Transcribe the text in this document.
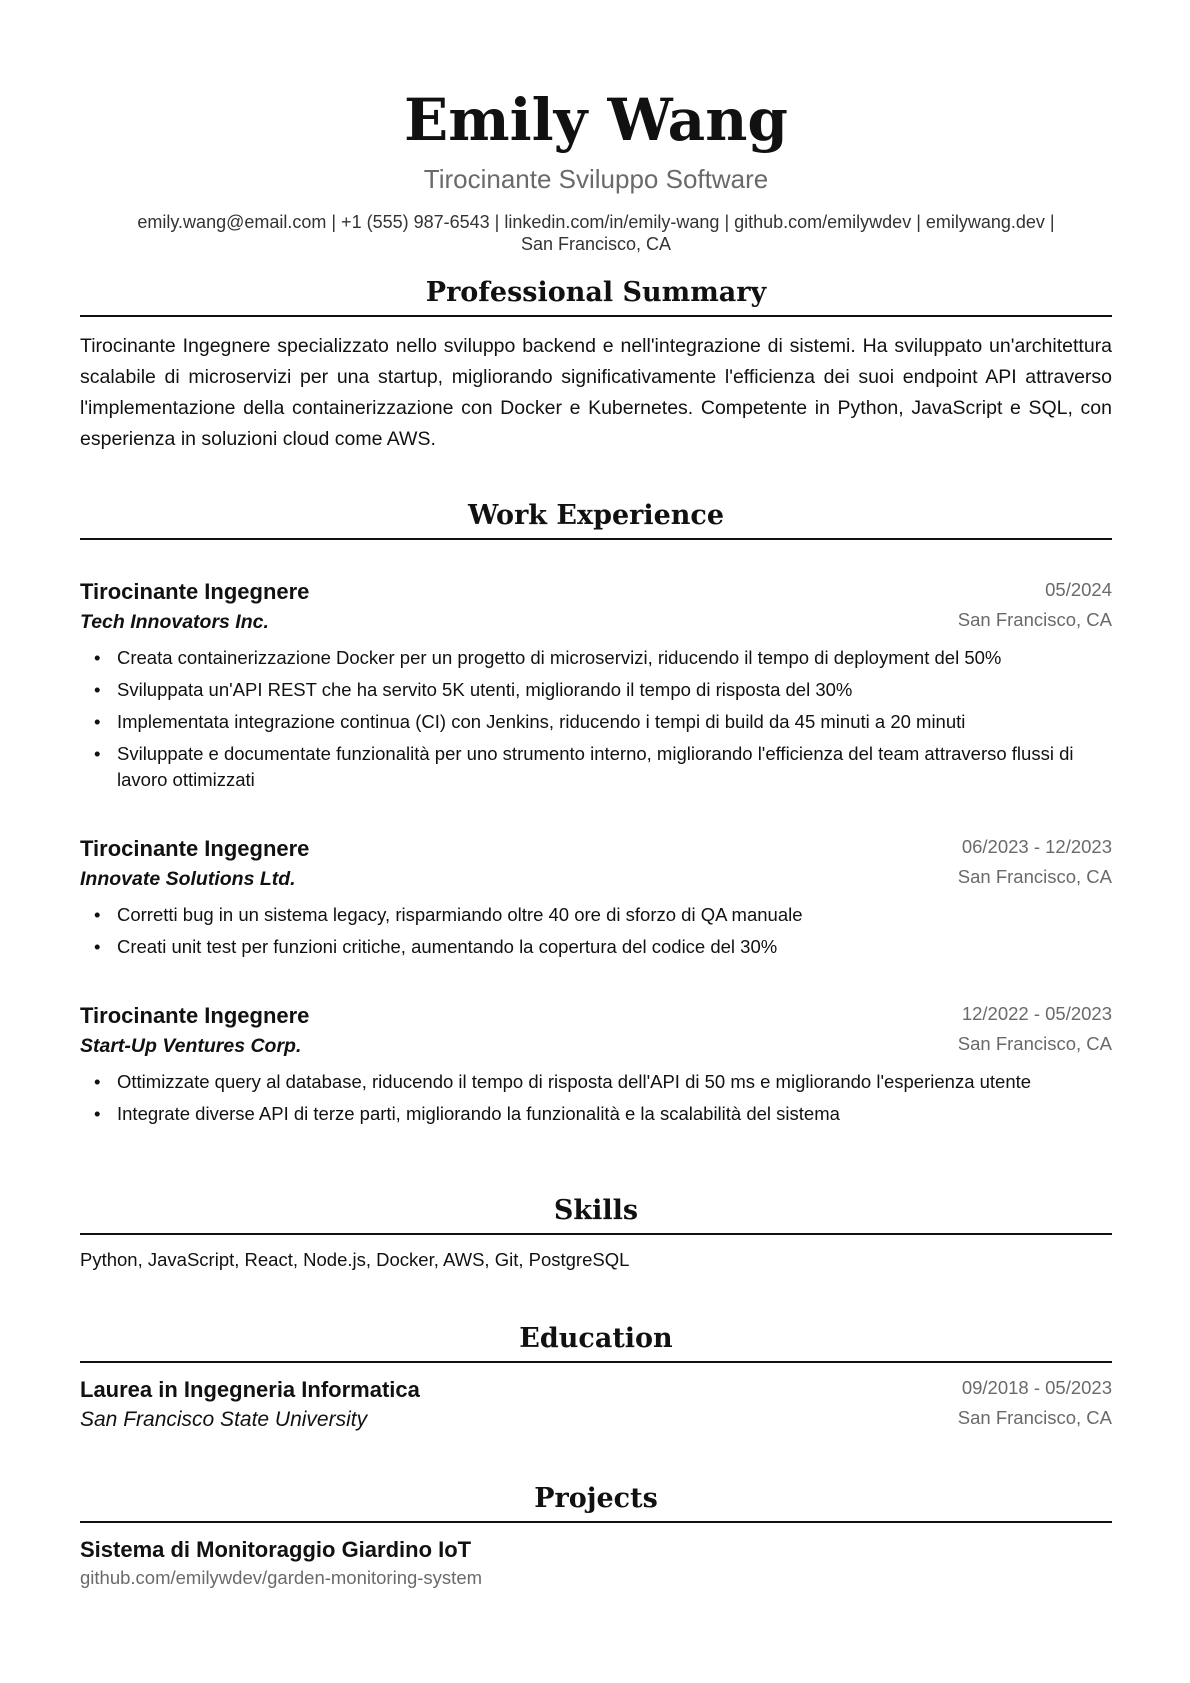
Emily Wang
Tirocinante Sviluppo Software
emily.wang@email.com | +1 (555) 987-6543 | linkedin.com/in/emily-wang | github.com/emilywdev | emilywang.dev |
San Francisco, CA
Professional Summary

Tirocinante Ingegnere specializzato nello sviluppo backend e nell'integrazione di sistemi. Ha sviluppato un'architettura scalabile di microservizi per una startup, migliorando significativamente l'efficienza dei suoi endpoint API attraverso l'implementazione della containerizzazione con Docker e Kubernetes. Competente in Python, JavaScript e SQL, con esperienza in soluzioni cloud come AWS.

Work Experience
Tirocinante Ingegnere	05/2024
Tech Innovators Inc.	San Francisco, CA
• Creata containerizzazione Docker per un progetto di microservizi, riducendo il tempo di deployment del 50%
• Sviluppata un'API REST che ha servito 5K utenti, migliorando il tempo di risposta del 30%
• Implementata integrazione continua (CI) con Jenkins, riducendo i tempi di build da 45 minuti a 20 minuti
• Sviluppate e documentate funzionalità per uno strumento interno, migliorando l'efficienza del team attraverso flussi di lavoro ottimizzati
Tirocinante Ingegnere	06/2023 - 12/2023
Innovate Solutions Ltd.	San Francisco, CA
• Corretti bug in un sistema legacy, risparmiando oltre 40 ore di sforzo di QA manuale
• Creati unit test per funzioni critiche, aumentando la copertura del codice del 30%
Tirocinante Ingegnere	12/2022 - 05/2023
Start-Up Ventures Corp.	San Francisco, CA
• Ottimizzate query al database, riducendo il tempo di risposta dell'API di 50 ms e migliorando l'esperienza utente
• Integrate diverse API di terze parti, migliorando la funzionalità e la scalabilità del sistema
Skills

Python, JavaScript, React, Node.js, Docker, AWS, Git, PostgreSQL

Education
Laurea in Ingegneria Informatica	09/2018 - 05/2023
San Francisco State University	San Francisco, CA
Projects
Sistema di Monitoraggio Giardino IoT
github.com/emilywdev/garden-monitoring-system
